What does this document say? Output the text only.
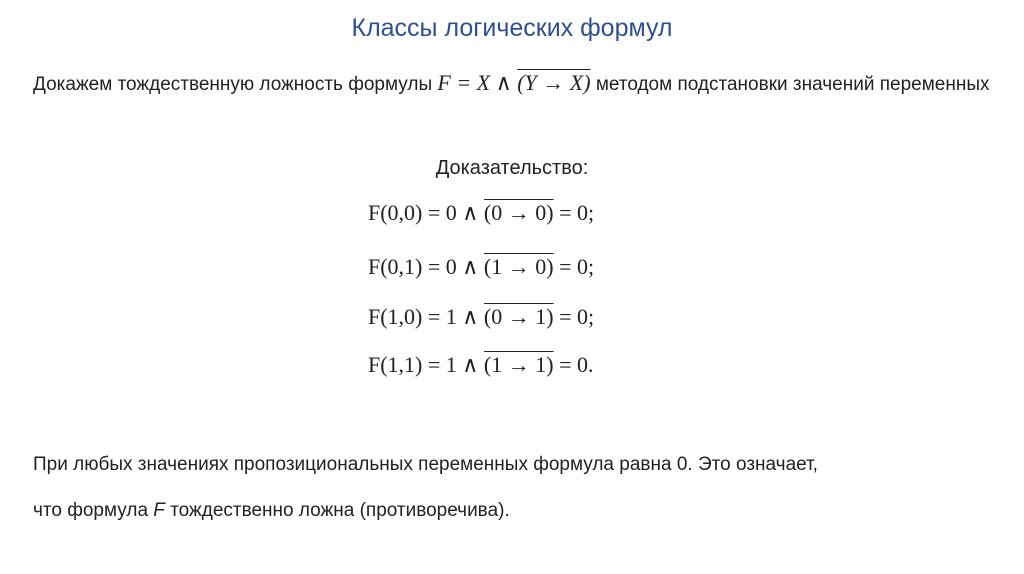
Классы логических формул
Докажем тождественную ложность формулы F = X ∧ (Y → X) методом подстановки значений переменных
Доказательство:
F(0,0) = 0 ∧ (0 → 0) = 0;
F(0,1) = 0 ∧ (1 → 0) = 0;
F(1,0) = 1 ∧ (0 → 1) = 0;
F(1,1) = 1 ∧ (1 → 1) = 0.
При любых значениях пропозициональных переменных формула равна 0. Это означает,
что формула F тождественно ложна (противоречива).
